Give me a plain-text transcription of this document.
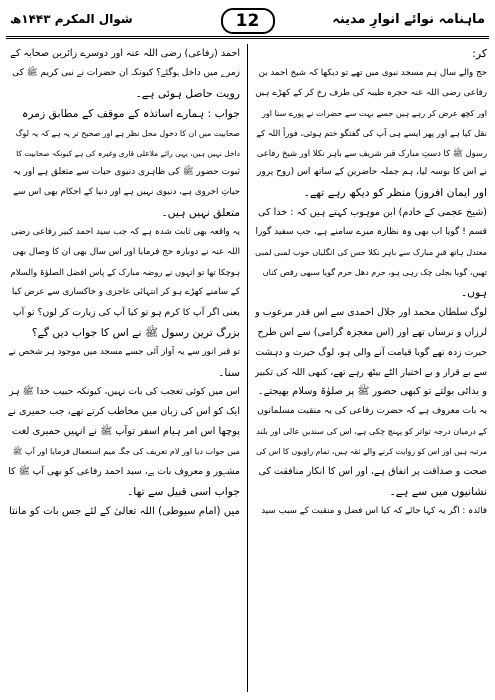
ماہنامہ نوائے انوارِ مدینہ
12
شوال المکرم ۱۴۴۳ھ
کر:
حج والے سال ہم مسجد نبوی میں تھے تو دیکھا کہ شیخ احمد بن
رفاعی رضی اللہ عنہ حجرہ طیبہ کی طرف رخ کر کے کھڑے ہیں
اور کچھ عرض کر رہے ہیں جسے بہت سے حضرات نے پورے سنا اور
نقل کیا ہے اور پھر ایسے ہی آپ کی گفتگو ختم ہوئی، فوراً اللہ کے
رسول ﷺ کا دستِ مبارک قبر شریف سے باہر نکلا اور شیخ رفاعی
نے اس کا بوسہ لیا، ہم جملہ حاضرین کے ساتھ اس (روح پرور
اور ایمان افروز) منظر کو دیکھ رہے تھے۔
(شیخ عجمی کے خادم) ابن موہوب کہتے ہیں کہ : خدا کی
قسم ! گویا اب بھی وہ نظارہ میرے سامنے ہے، جب سفید گورا
معتدل ہاتھ قبرِ مبارک سے باہر نکلا جس کی انگلیاں خوب لمبی لمبی
تھیں، گویا بجلی چک رہی ہو، حرم دھل حرم گویا سبھی رقص کناں
ہوں۔
لوگ سلطان محمد اور جلال احمدی سے اس قدر مرعوب و
لرزاں و ترساں تھے اور (اس معجزہ گرامی) سے اس طرح
حیرت زدہ تھے گویا قیامت آنے والی ہو، لوگ حیرت و دہشت
سے بے قرار و بے اختیار الٹے بیٹھ رہے تھے، کبھی اللہ کی تکبیر
و بدائی بولتے تو کبھی حضور ﷺ پر صلوٰۃ وسلام بھیجتے۔
یہ بات معروف ہے کہ حضرت رفاعی کی یہ منقبت مسلمانوں
کے درمیان درجہ تواتر کو پہنچ چکی ہے، اس کی سندیں عالی اور بلند
مرتبہ ہیں اور اس کو روایت کرنے والے ثقہ ہیں، تمام راویوں کا اس کی
صحت و صداقت پر اتفاق ہے، اور اس کا انکار منافقت کی
نشانیوں میں سے ہے۔
فائدہ : اگر یہ کہا جائے کہ کیا اس فضل و منقبت کے سبب سید
احمد (رفاعی) رضی اللہ عنہ اور دوسرے زائرین صحابہ کے
زمرے میں داخل ہوگئے؟ کیونکہ ان حضرات نے نبی کریم ﷺ کی
رویت حاصل ہوئی ہے۔
جواب : ہمارے اساتذہ کے موقف کے مطابق زمرہ
صحابیت میں ان کا دخول محل نظر ہے اور صحیح تر یہ ہے کہ یہ لوگ
داخل نہیں ہیں، یہی رائے ملاعلی قاری وغیرہ کی ہے کیونکہ صحابیت کا
ثبوت حضور ﷺ کی ظاہری دنیوی حیات سے متعلق ہے اور یہ
حیاتِ اخروی ہے، دنیوی نہیں ہے اور دنیا کے احکام بھی اس سے
متعلق نہیں ہیں۔
یہ واقعہ بھی ثابت شدہ ہے کہ جب سید احمد کبیر رفاعی رضی
اللہ عنہ نے دوبارہ حج فرمایا اور اس سال بھی ان کا وصال بھی
ہوچکا تھا تو انہوں نے روضہ مبارک کے پاس افضل الصلوٰۃ والسلام
کے سامنے کھڑے ہو کر انتہائی عاجزی و خاکساری سے عرض کیا
یعنی اگر آپ کا کرم ہو تو کیا آپ کی زیارت کر لوں؟ تو آپ
بزرگ ترین رسول ﷺ نے اس کا جواب دیں گے؟
تو قبر انور سے یہ آواز آئی جسے مسجد میں موجود ہر شخص نے
سنا۔
اس میں کوئی تعجب کی بات نہیں، کیونکہ حبیب خدا ﷺ ہر
ایک کو اس کی زبان میں مخاطب کرتے تھے، جب حمیری نے
پوچھا اس امر ہیام اسفر توآپ ﷺ نے انہیں حمیری لغت
میں جواب دیا اور لام تعریف کی جگہ میم استعمال فرمایا اور آپ ﷺ
مشہور و معروف بات ہے، سید احمد رفاعی کو بھی آپ ﷺ کا
جواب اسی قبیل سے تھا۔
میں (امام سیوطی) اللہ تعالیٰ کے لئے جس بات کو مانتا
